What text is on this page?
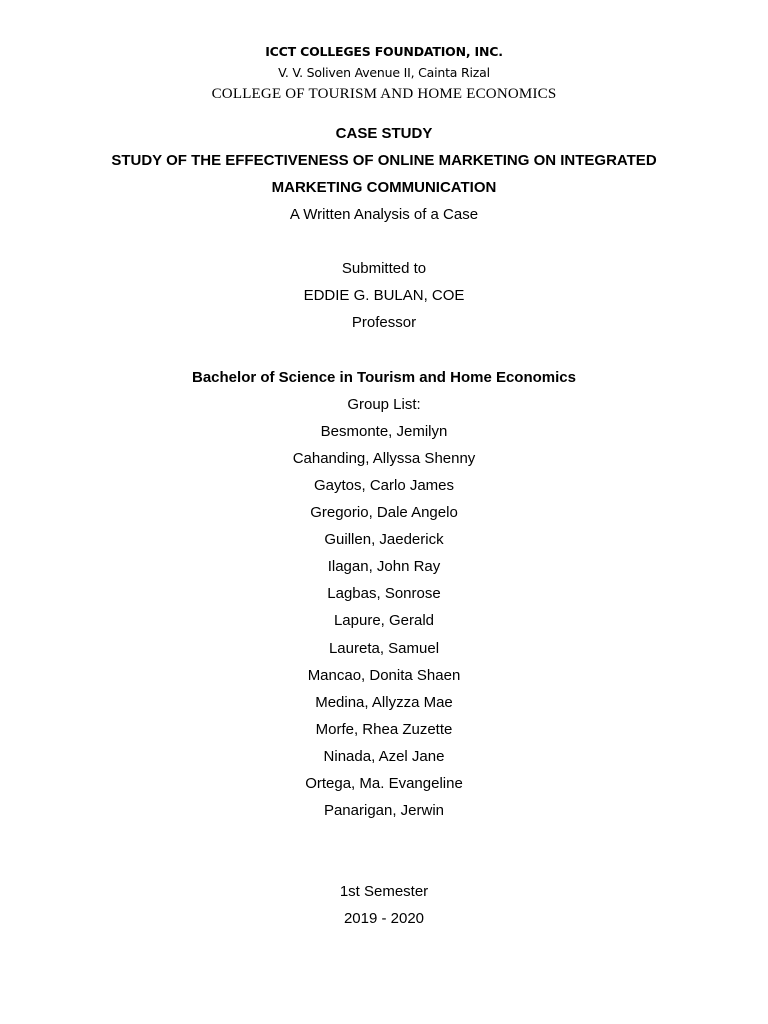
ICCT COLLEGES FOUNDATION, INC.
V. V. Soliven Avenue II, Cainta Rizal
COLLEGE OF TOURISM AND HOME ECONOMICS
CASE STUDY
STUDY OF THE EFFECTIVENESS OF ONLINE MARKETING ON INTEGRATED
MARKETING COMMUNICATION
A Written Analysis of a Case
Submitted to
EDDIE G. BULAN, COE
Professor
Bachelor of Science in Tourism and Home Economics
Group List:
Besmonte, Jemilyn
Cahanding, Allyssa Shenny
Gaytos, Carlo James
Gregorio, Dale Angelo
Guillen, Jaederick
Ilagan, John Ray
Lagbas, Sonrose
Lapure, Gerald
Laureta, Samuel
Mancao, Donita Shaen
Medina, Allyzza Mae
Morfe, Rhea Zuzette
Ninada, Azel Jane
Ortega, Ma. Evangeline
Panarigan, Jerwin
1st Semester
2019 - 2020
